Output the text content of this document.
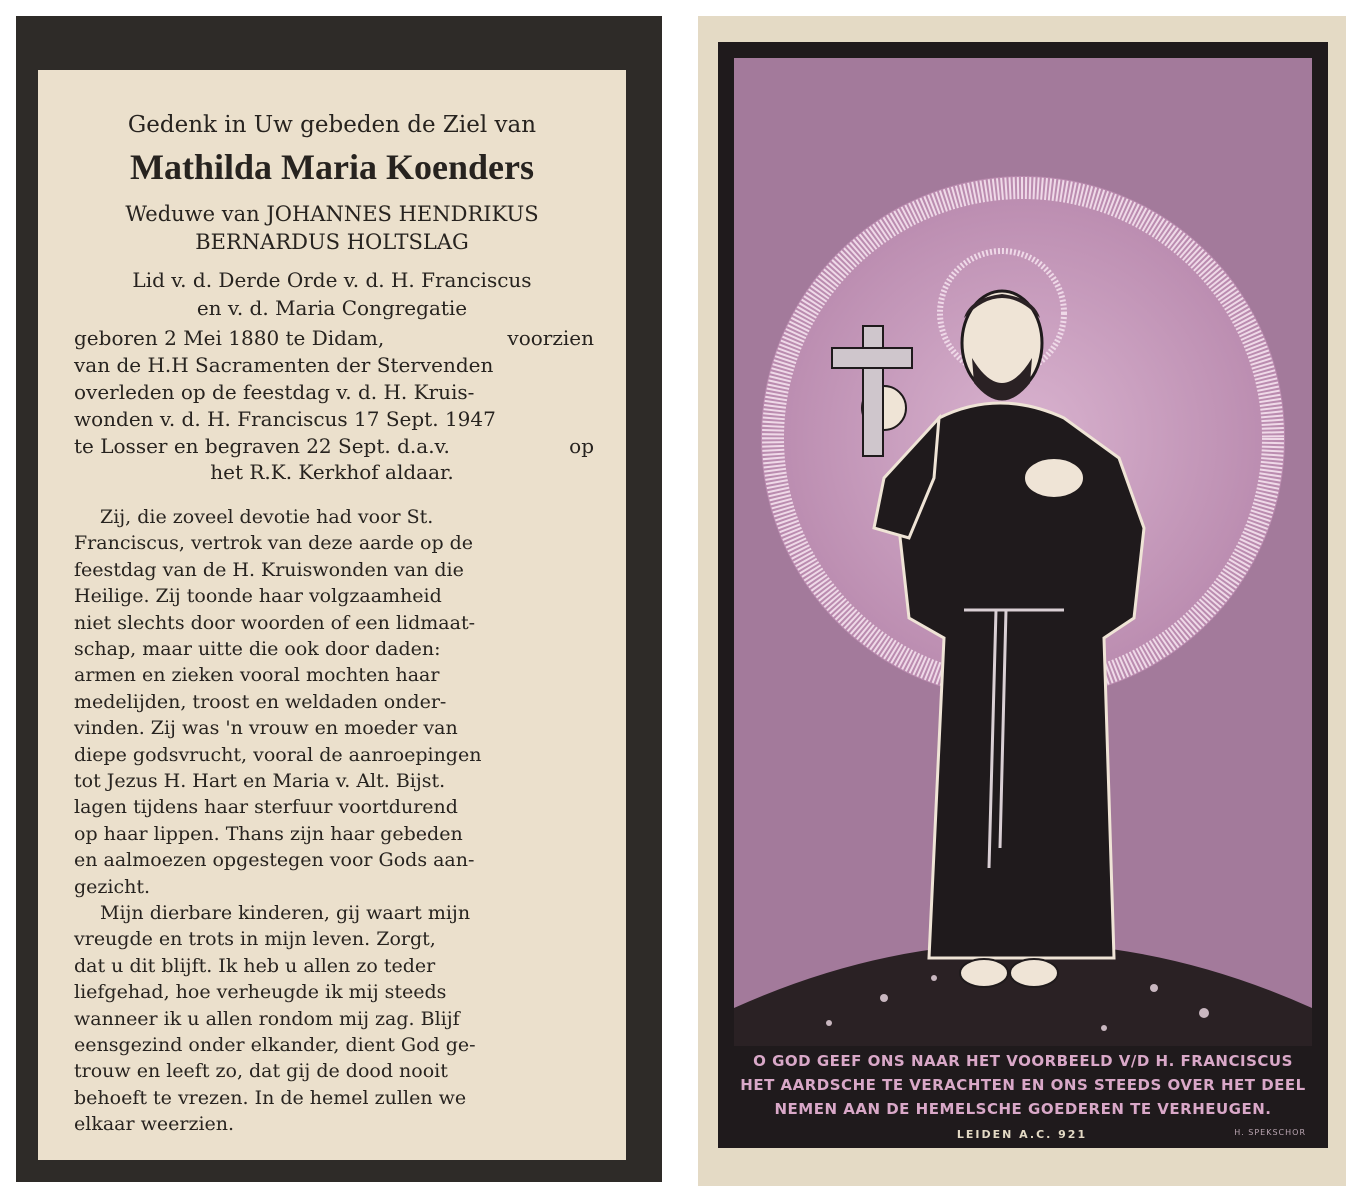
Gedenk in Uw gebeden de Ziel van
Mathilda Maria Koenders
Weduwe van JOHANNES HENDRIKUS
BERNARDUS HOLTSLAG
Lid v. d. Derde Orde v. d. H. Franciscus
en v. d. Maria Congregatie
geboren 2 Mei 1880 te Didam,	voorzien
van de H.H Sacramenten der Stervenden
overleden op de feestdag v. d. H. Kruis-
wonden v. d. H. Franciscus 17 Sept. 1947
te Losser en begraven 22 Sept. d.a.v.	op
het R.K. Kerkhof aldaar.
Zij, die zoveel devotie had voor St.
Franciscus, vertrok van deze aarde op de
feestdag van de H. Kruiswonden van die
Heilige. Zij toonde haar volgzaamheid
niet slechts door woorden of een lidmaat-
schap, maar uitte die ook door daden:
armen en zieken vooral mochten haar
medelijden, troost en weldaden onder-
vinden. Zij was 'n vrouw en moeder van
diepe godsvrucht, vooral de aanroepingen
tot Jezus H. Hart en Maria v. Alt. Bijst.
lagen tijdens haar sterfuur voortdurend
op haar lippen. Thans zijn haar gebeden
en aalmoezen opgestegen voor Gods aan-
gezicht.
Mijn dierbare kinderen, gij waart mijn
vreugde en trots in mijn leven. Zorgt,
dat u dit blijft. Ik heb u allen zo teder
liefgehad, hoe verheugde ik mij steeds
wanneer ik u allen rondom mij zag. Blijf
eensgezind onder elkander, dient God ge-
trouw en leeft zo, dat gij de dood nooit
behoeft te vrezen. In de hemel zullen we
elkaar weerzien.
O GOD GEEF ONS NAAR HET VOORBEELD V/D H. FRANCISCUS
HET AARDSCHE TE VERACHTEN EN ONS STEEDS OVER HET DEEL
NEMEN AAN DE HEMELSCHE GOEDEREN TE VERHEUGEN.
LEIDEN A.C. 921	H. SPEKSCHOR
